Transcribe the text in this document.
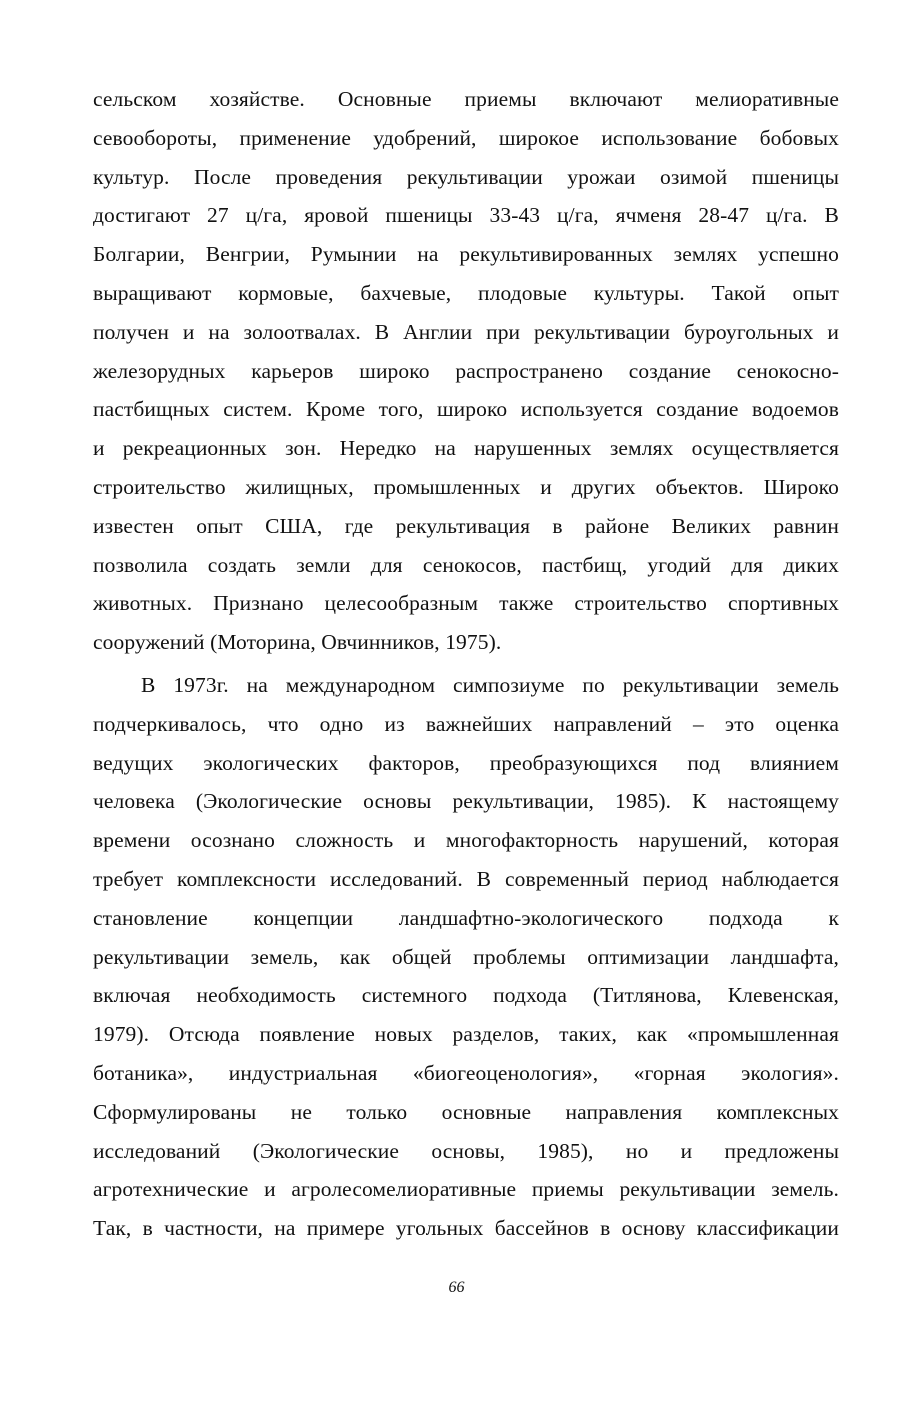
сельском хозяйстве. Основные приемы включают мелиоративные
севообороты, применение удобрений, широкое использование бобовых
культур. После проведения рекультивации урожаи озимой пшеницы
достигают 27 ц/га, яровой пшеницы 33-43 ц/га, ячменя 28-47 ц/га. В
Болгарии, Венгрии, Румынии на рекультивированных землях успешно
выращивают кормовые, бахчевые, плодовые культуры. Такой опыт
получен и на золоотвалах. В Англии при рекультивации буроугольных и
железорудных карьеров широко распространено создание сенокосно-
пастбищных систем. Кроме того, широко используется создание водоемов
и рекреационных зон. Нередко на нарушенных землях осуществляется
строительство жилищных, промышленных и других объектов. Широко
известен опыт США, где рекультивация в районе Великих равнин
позволила создать земли для сенокосов, пастбищ, угодий для диких
животных. Признано целесообразным также строительство спортивных
сооружений (Моторина, Овчинников, 1975).
В 1973г. на международном симпозиуме по рекультивации земель
подчеркивалось, что одно из важнейших направлений – это оценка
ведущих экологических факторов, преобразующихся под влиянием
человека (Экологические основы рекультивации, 1985). К настоящему
времени осознано сложность и многофакторность нарушений, которая
требует комплексности исследований. В современный период наблюдается
становление концепции ландшафтно-экологического подхода к
рекультивации земель, как общей проблемы оптимизации ландшафта,
включая необходимость системного подхода (Титлянова, Клевенская,
1979). Отсюда появление новых разделов, таких, как «промышленная
ботаника», индустриальная «биогеоценология», «горная экология».
Сформулированы не только основные направления комплексных
исследований (Экологические основы, 1985), но и предложены
агротехнические и агролесомелиоративные приемы рекультивации земель.
Так, в частности, на примере угольных бассейнов в основу классификации
66
